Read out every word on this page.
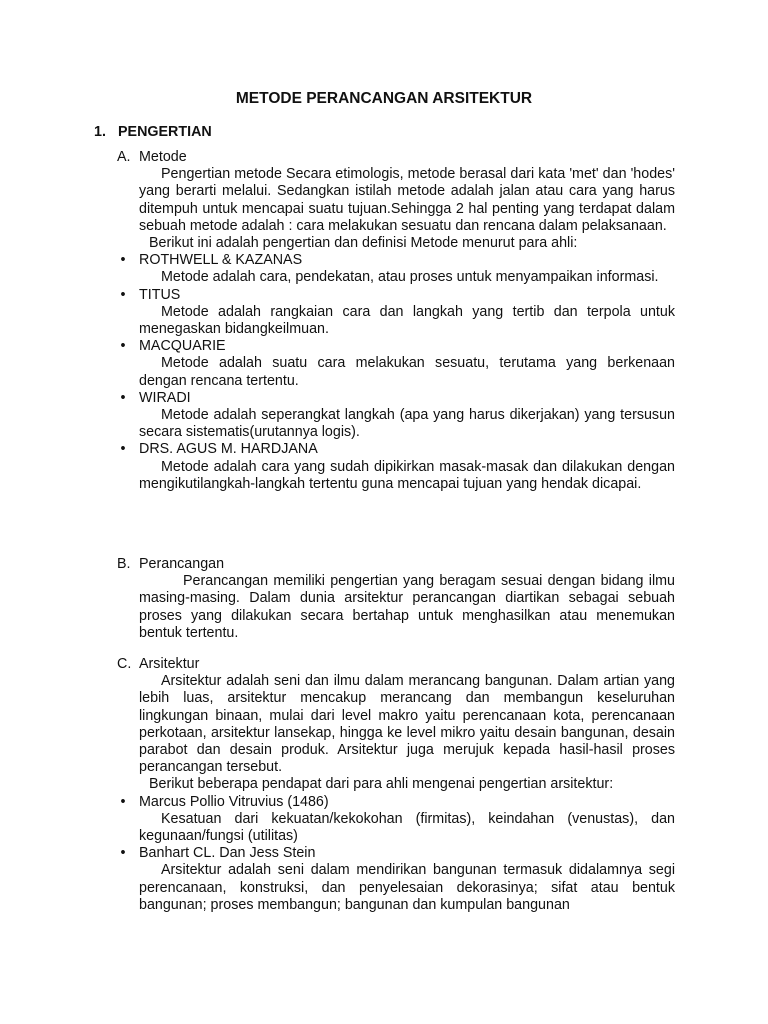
METODE PERANCANGAN ARSITEKTUR
1. PENGERTIAN
A. Metode

Pengertian metode Secara etimologis, metode berasal dari kata 'met' dan 'hodes' yang berarti melalui. Sedangkan istilah metode adalah jalan atau cara yang harus ditempuh untuk mencapai suatu tujuan.Sehingga 2 hal penting yang terdapat dalam sebuah metode adalah : cara melakukan sesuatu dan rencana dalam pelaksanaan.

Berikut ini adalah pengertian dan definisi Metode menurut para ahli:

• ROTHWELL & KAZANAS

Metode adalah cara, pendekatan, atau proses untuk menyampaikan informasi.

• TITUS

Metode adalah rangkaian cara dan langkah yang tertib dan terpola untuk menegaskan bidangkeilmuan.

• MACQUARIE

Metode adalah suatu cara melakukan sesuatu, terutama yang berkenaan dengan rencana tertentu.

• WIRADI

Metode adalah seperangkat langkah (apa yang harus dikerjakan) yang tersusun secara sistematis(urutannya logis).

• DRS. AGUS M. HARDJANA

Metode adalah cara yang sudah dipikirkan masak-masak dan dilakukan dengan mengikutilangkah-langkah tertentu guna mencapai tujuan yang hendak dicapai.

B. Perancangan

Perancangan memiliki pengertian yang beragam sesuai dengan bidang ilmu masing-masing. Dalam dunia arsitektur perancangan diartikan sebagai sebuah proses yang dilakukan secara bertahap untuk menghasilkan atau menemukan bentuk tertentu.

C. Arsitektur

Arsitektur adalah seni dan ilmu dalam merancang bangunan. Dalam artian yang lebih luas, arsitektur mencakup merancang dan membangun keseluruhan lingkungan binaan, mulai dari level makro yaitu perencanaan kota, perencanaan perkotaan, arsitektur lansekap, hingga ke level mikro yaitu desain bangunan, desain parabot dan desain produk. Arsitektur juga merujuk kepada hasil-hasil proses perancangan tersebut.

Berikut beberapa pendapat dari para ahli mengenai pengertian arsitektur:

• Marcus Pollio Vitruvius (1486)

Kesatuan dari kekuatan/kekokohan (firmitas), keindahan (venustas), dan kegunaan/fungsi (utilitas)

• Banhart CL. Dan Jess Stein

Arsitektur adalah seni dalam mendirikan bangunan termasuk didalamnya segi perencanaan, konstruksi, dan penyelesaian dekorasinya; sifat atau bentuk bangunan; proses membangun; bangunan dan kumpulan bangunan
